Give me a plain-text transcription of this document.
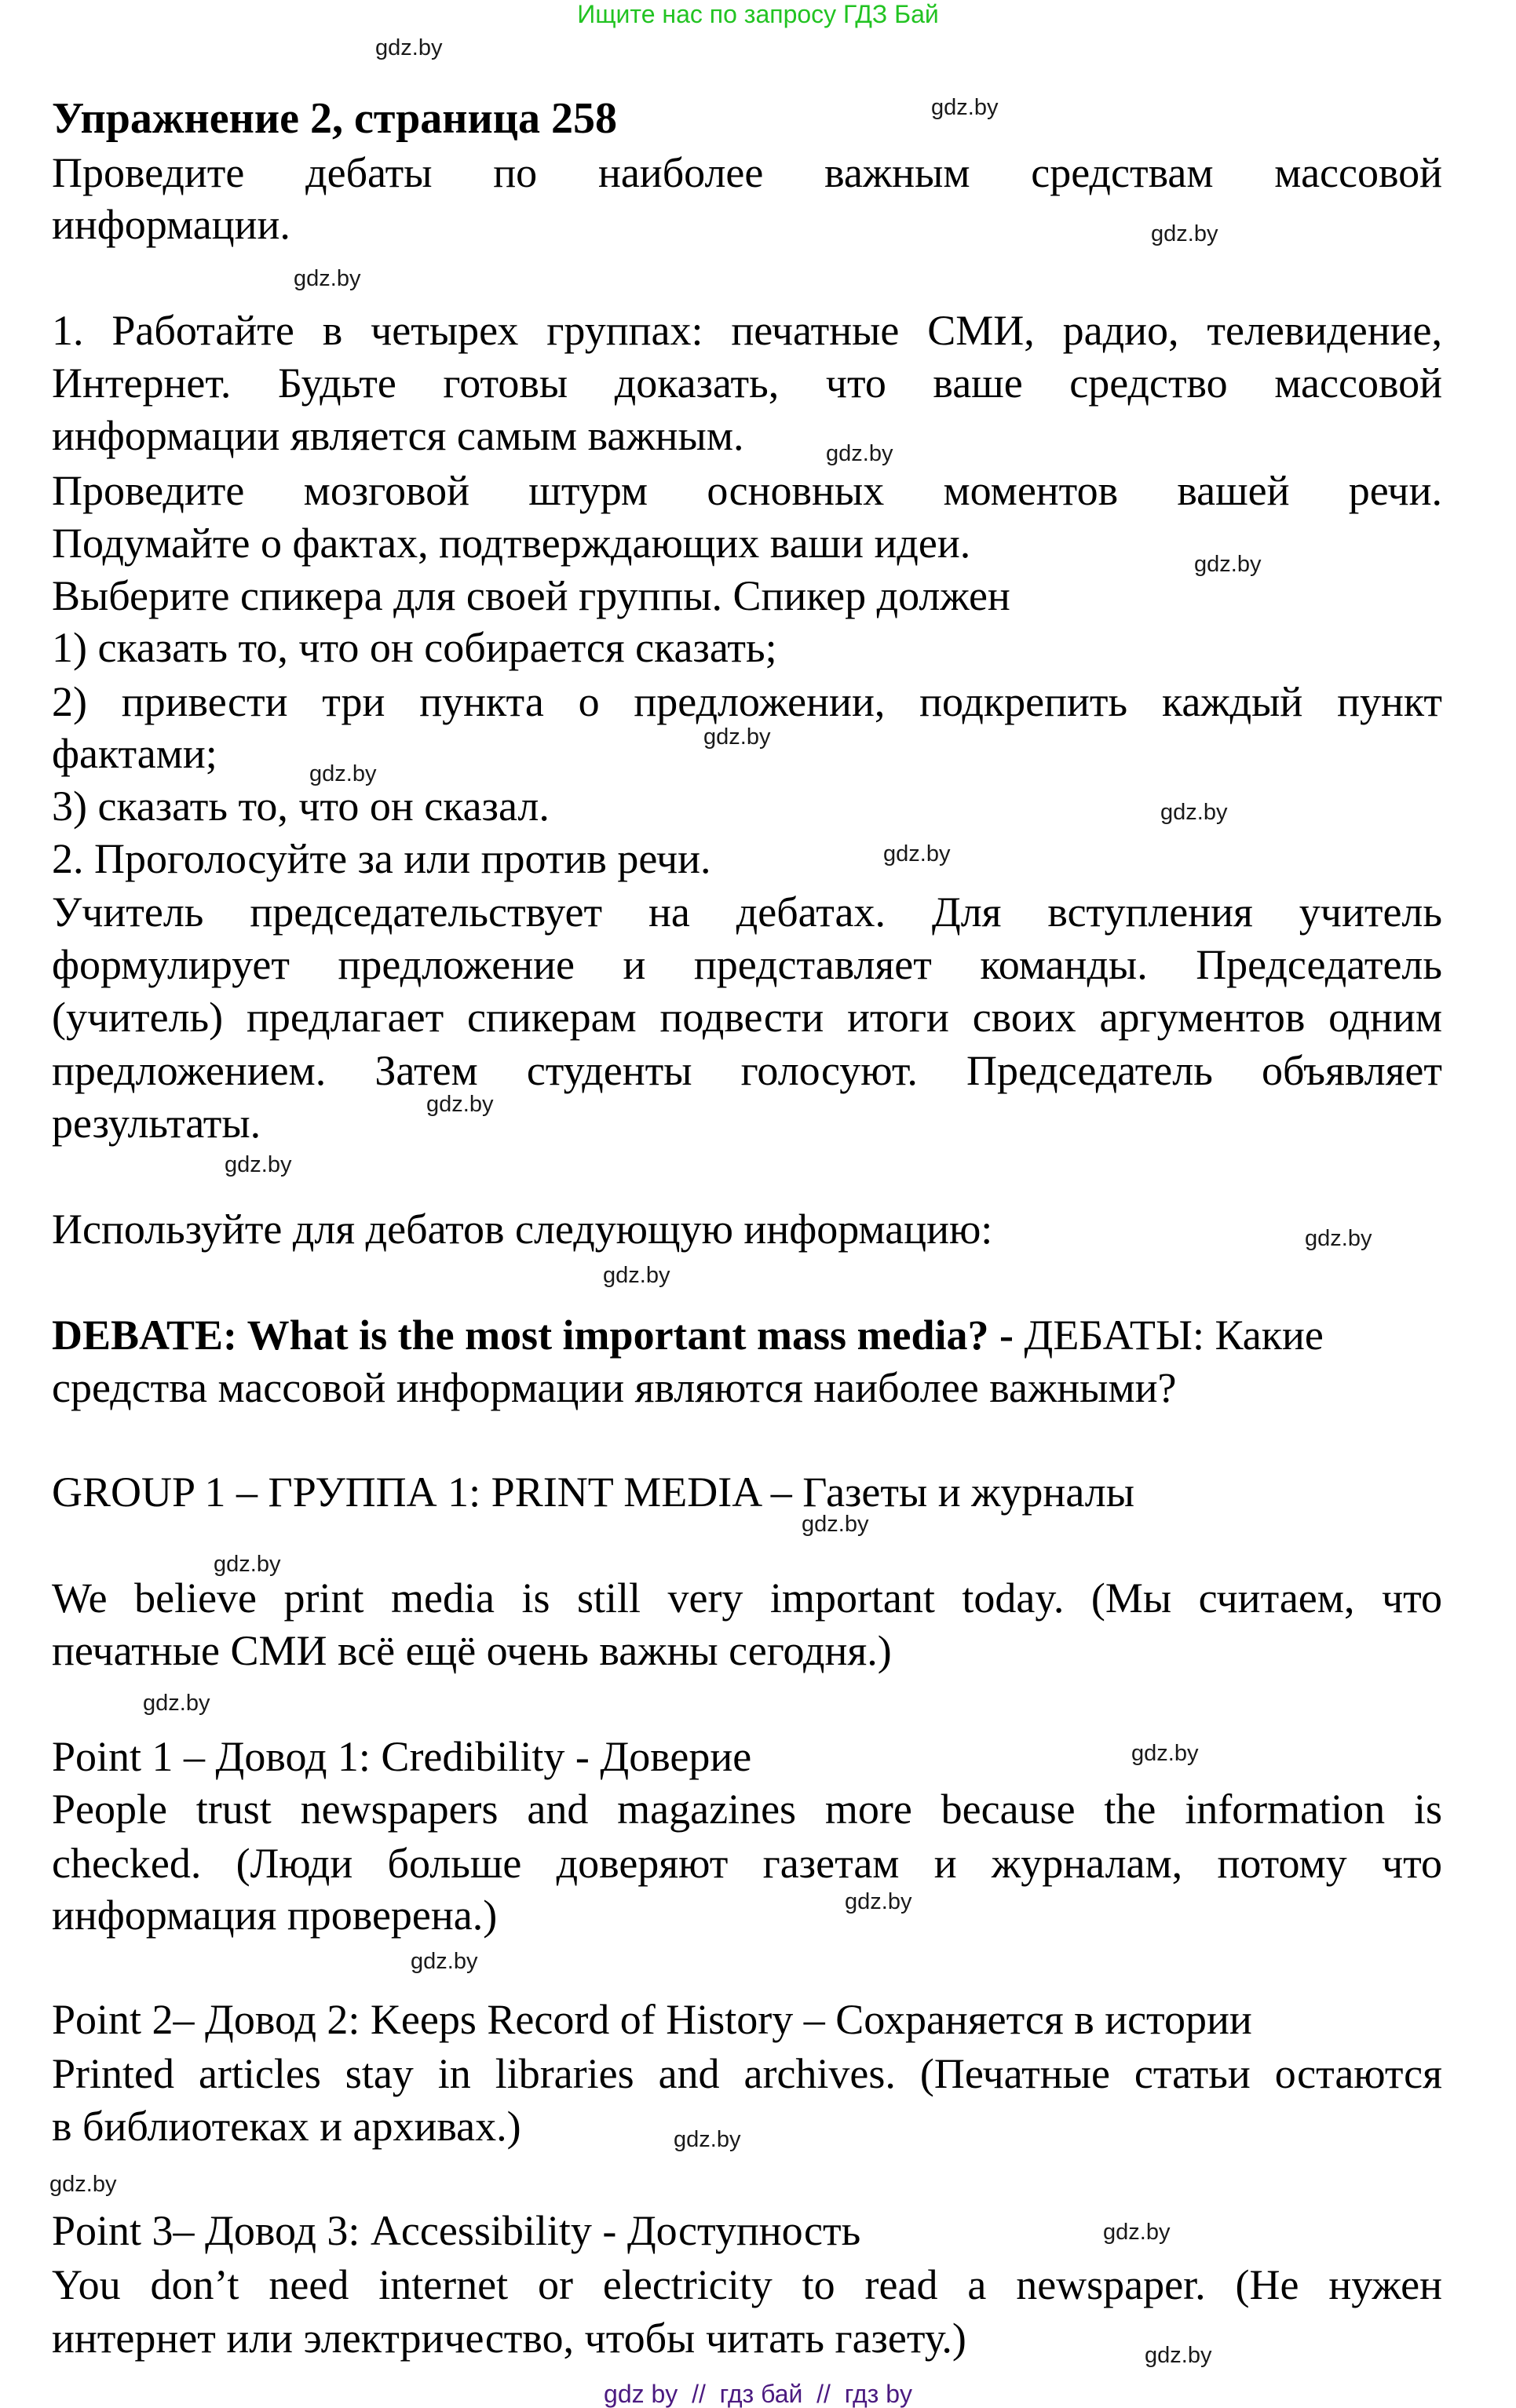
Ищите нас по запросу ГДЗ Бай
Упражнение 2, страница 258
Проведите дебаты по наиболее важным средствам массовой
информации.
1. Работайте в четырех группах: печатные СМИ, радио, телевидение,
Интернет. Будьте готовы доказать, что ваше средство массовой
информации является самым важным.
Проведите мозговой штурм основных моментов вашей речи.
Подумайте о фактах, подтверждающих ваши идеи.
Выберите спикера для своей группы. Спикер должен
1) сказать то, что он собирается сказать;
2) привести три пункта о предложении, подкрепить каждый пункт
фактами;
3) сказать то, что он сказал.
2. Проголосуйте за или против речи.
Учитель председательствует на дебатах. Для вступления учитель
формулирует предложение и представляет команды. Председатель
(учитель) предлагает спикерам подвести итоги своих аргументов одним
предложением. Затем студенты голосуют. Председатель объявляет
результаты.
Используйте для дебатов следующую информацию:
DEBATE: What is the most important mass media? - ДЕБАТЫ: Какие
средства массовой информации являются наиболее важными?
GROUP 1 – ГРУППА 1: PRINT MEDIA – Газеты и журналы
We believe print media is still very important today. (Мы считаем, что
печатные СМИ всё ещё очень важны сегодня.)
Point 1 – Довод 1: Credibility - Доверие
People trust newspapers and magazines more because the information is
checked. (Люди больше доверяют газетам и журналам, потому что
информация проверена.)
Point 2– Довод 2: Keeps Record of History – Сохраняется в истории
Printed articles stay in libraries and archives. (Печатные статьи остаются
в библиотеках и архивах.)
Point 3– Довод 3: Accessibility - Доступность
You don’t need internet or electricity to read a newspaper. (Не нужен
интернет или электричество, чтобы читать газету.)
gdz.by
gdz.by
gdz.by
gdz.by
gdz.by
gdz.by
gdz.by
gdz.by
gdz.by
gdz.by
gdz.by
gdz.by
gdz.by
gdz.by
gdz.by
gdz.by
gdz.by
gdz.by
gdz.by
gdz.by
gdz.by
gdz.by
gdz.by
gdz.by
gdz by  //  гдз бай  //  гдз by
